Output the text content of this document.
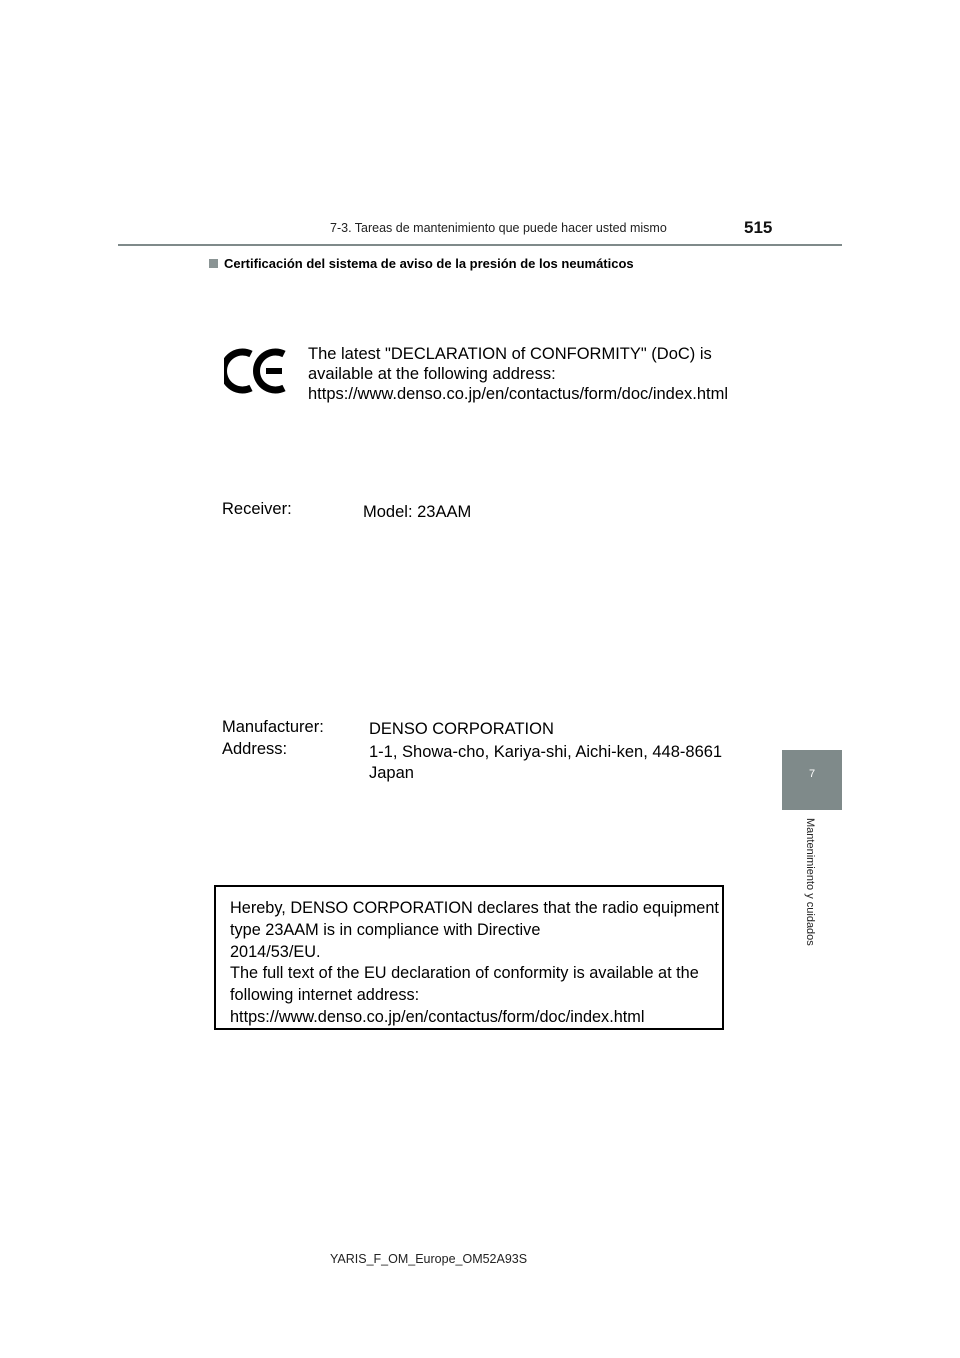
7-3. Tareas de mantenimiento que puede hacer usted mismo	515
Certificación del sistema de aviso de la presión de los neumáticos
The latest "DECLARATION of CONFORMITY" (DoC) is
available at the following address:
https://www.denso.co.jp/en/contactus/form/doc/index.html
Receiver:	Model: 23AAM
Manufacturer:	DENSO CORPORATION
Address:	1-1, Showa-cho, Kariya-shi, Aichi-ken, 448-8661
Japan
Hereby, DENSO CORPORATION declares that the radio equipment
type 23AAM is in compliance with Directive
2014/53/EU.
The full text of the EU declaration of conformity is available at the
following internet address:
https://www.denso.co.jp/en/contactus/form/doc/index.html
7
Mantenimiento y cuidados
YARIS_F_OM_Europe_OM52A93S
